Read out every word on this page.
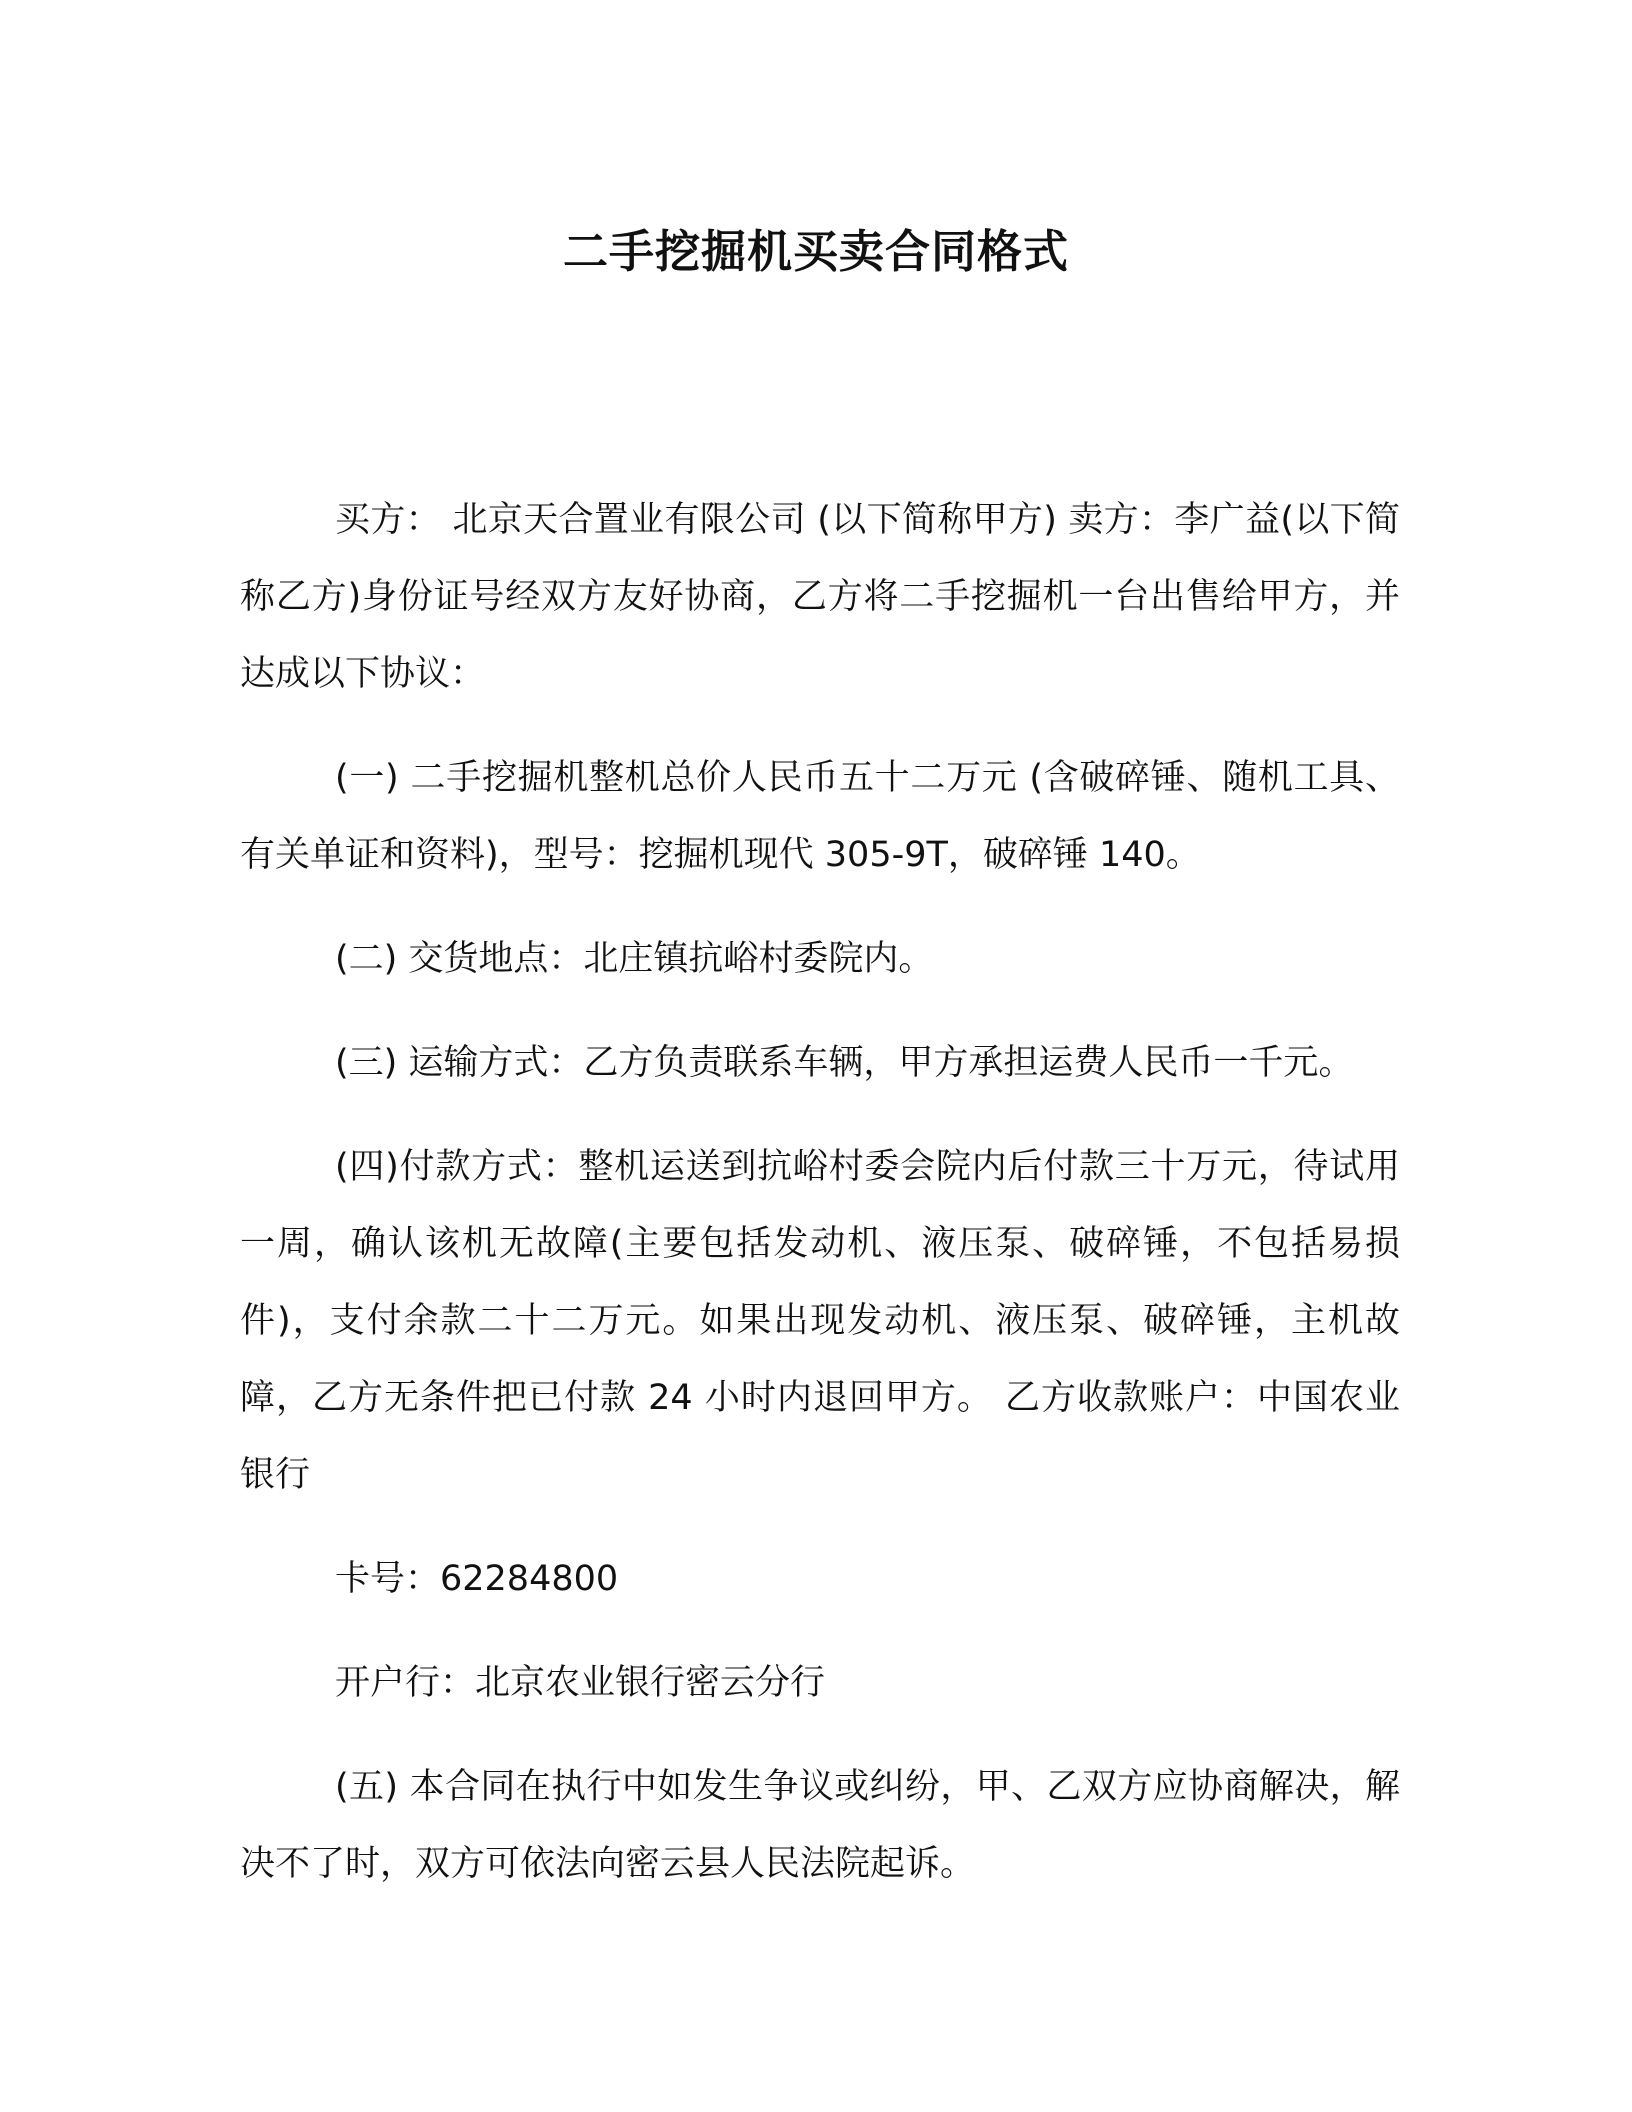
二手挖掘机买卖合同格式

买方： 北京天合置业有限公司 (以下简称甲方) 卖方：李广益(以下简称乙方)身份证号经双方友好协商，乙方将二手挖掘机一台出售给甲方，并达成以下协议：

(一) 二手挖掘机整机总价人民币五十二万元 (含破碎锤、随机工具、有关单证和资料)，型号：挖掘机现代 305-9T，破碎锤 140。

(二) 交货地点：北庄镇抗峪村委院内。

(三) 运输方式：乙方负责联系车辆，甲方承担运费人民币一千元。

(四)付款方式：整机运送到抗峪村委会院内后付款三十万元，待试用一周，确认该机无故障(主要包括发动机、液压泵、破碎锤，不包括易损件)，支付余款二十二万元。如果出现发动机、液压泵、破碎锤，主机故障，乙方无条件把已付款 24 小时内退回甲方。 乙方收款账户：中国农业银行

卡号：62284800

开户行：北京农业银行密云分行

(五) 本合同在执行中如发生争议或纠纷，甲、乙双方应协商解决，解决不了时，双方可依法向密云县人民法院起诉。
